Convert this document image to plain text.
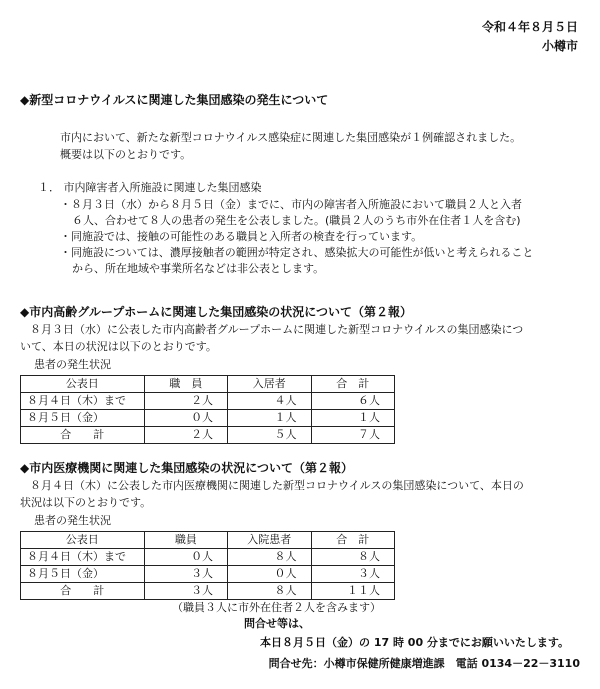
令和４年８月５日
小樽市
◆新型コロナウイルスに関連した集団感染の発生について
市内において、新たな新型コロナウイルス感染症に関連した集団感染が１例確認されました。
概要は以下のとおりです。
１． 市内障害者入所施設に関連した集団感染
・８月３日（水）から８月５日（金）までに、市内の障害者入所施設において職員２人と入者
６人、合わせて８人の患者の発生を公表しました。(職員２人のうち市外在住者１人を含む)
・同施設では、接触の可能性のある職員と入所者の検査を行っています。
・同施設については、濃厚接触者の範囲が特定され、感染拡大の可能性が低いと考えられること
から、所在地域や事業所名などは非公表とします。
◆市内高齢グループホームに関連した集団感染の状況について（第２報）
８月３日（水）に公表した市内高齢者グループホームに関連した新型コロナウイルスの集団感染につ
いて、本日の状況は以下のとおりです。
患者の発生状況
公表日	職　員	入居者	合　計
８月４日（木）まで	２人	４人	６人
８月５日（金）	０人	１人	１人
合　　計	２人	５人	７人
◆市内医療機関に関連した集団感染の状況について（第２報）
８月４日（木）に公表した市内医療機関に関連した新型コロナウイルスの集団感染について、本日の
状況は以下のとおりです。
患者の発生状況
公表日	職員	入院患者	合　計
８月４日（木）まで	０人	８人	８人
８月５日（金）	３人	０人	３人
合　　計	３人	８人	１１人
（職員３人に市外在住者２人を含みます）
問合せ等は、
本日８月５日（金）の 17 時 00 分までにお願いいたします。
問合せ先：小樽市保健所健康増進課　電話 0134－22－3110
